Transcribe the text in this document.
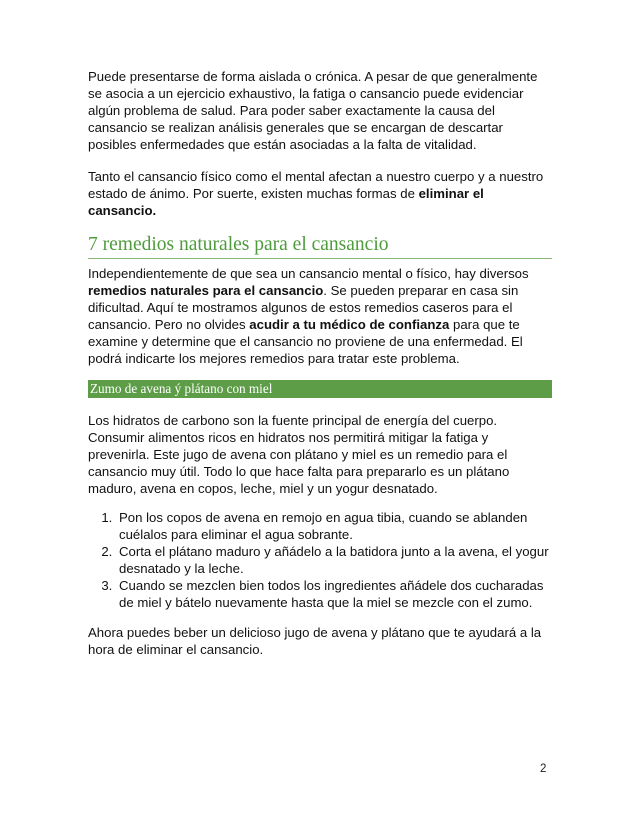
Puede presentarse de forma aislada o crónica. A pesar de que generalmente se asocia a un ejercicio exhaustivo, la fatiga o cansancio puede evidenciar algún problema de salud. Para poder saber exactamente la causa del cansancio se realizan análisis generales que se encargan de descartar posibles enfermedades que están asociadas a la falta de vitalidad.

Tanto el cansancio físico como el mental afectan a nuestro cuerpo y a nuestro estado de ánimo. Por suerte, existen muchas formas de eliminar el cansancio.

7 remedios naturales para el cansancio

Independientemente de que sea un cansancio mental o físico, hay diversos remedios naturales para el cansancio. Se pueden preparar en casa sin dificultad. Aquí te mostramos algunos de estos remedios caseros para el cansancio. Pero no olvides acudir a tu médico de confianza para que te examine y determine que el cansancio no proviene de una enfermedad. El podrá indicarte los mejores remedios para tratar este problema.

Zumo de avena ý plátano con miel

Los hidratos de carbono son la fuente principal de energía del cuerpo. Consumir alimentos ricos en hidratos nos permitirá mitigar la fatiga y prevenirla. Este jugo de avena con plátano y miel es un remedio para el cansancio muy útil. Todo lo que hace falta para prepararlo es un plátano maduro, avena en copos, leche, miel y un yogur desnatado.

1. Pon los copos de avena en remojo en agua tibia, cuando se ablanden cuélalos para eliminar el agua sobrante.
2. Corta el plátano maduro y añádelo a la batidora junto a la avena, el yogur desnatado y la leche.
3. Cuando se mezclen bien todos los ingredientes añádele dos cucharadas de miel y bátelo nuevamente hasta que la miel se mezcle con el zumo.

Ahora puedes beber un delicioso jugo de avena y plátano que te ayudará a la hora de eliminar el cansancio.

2
